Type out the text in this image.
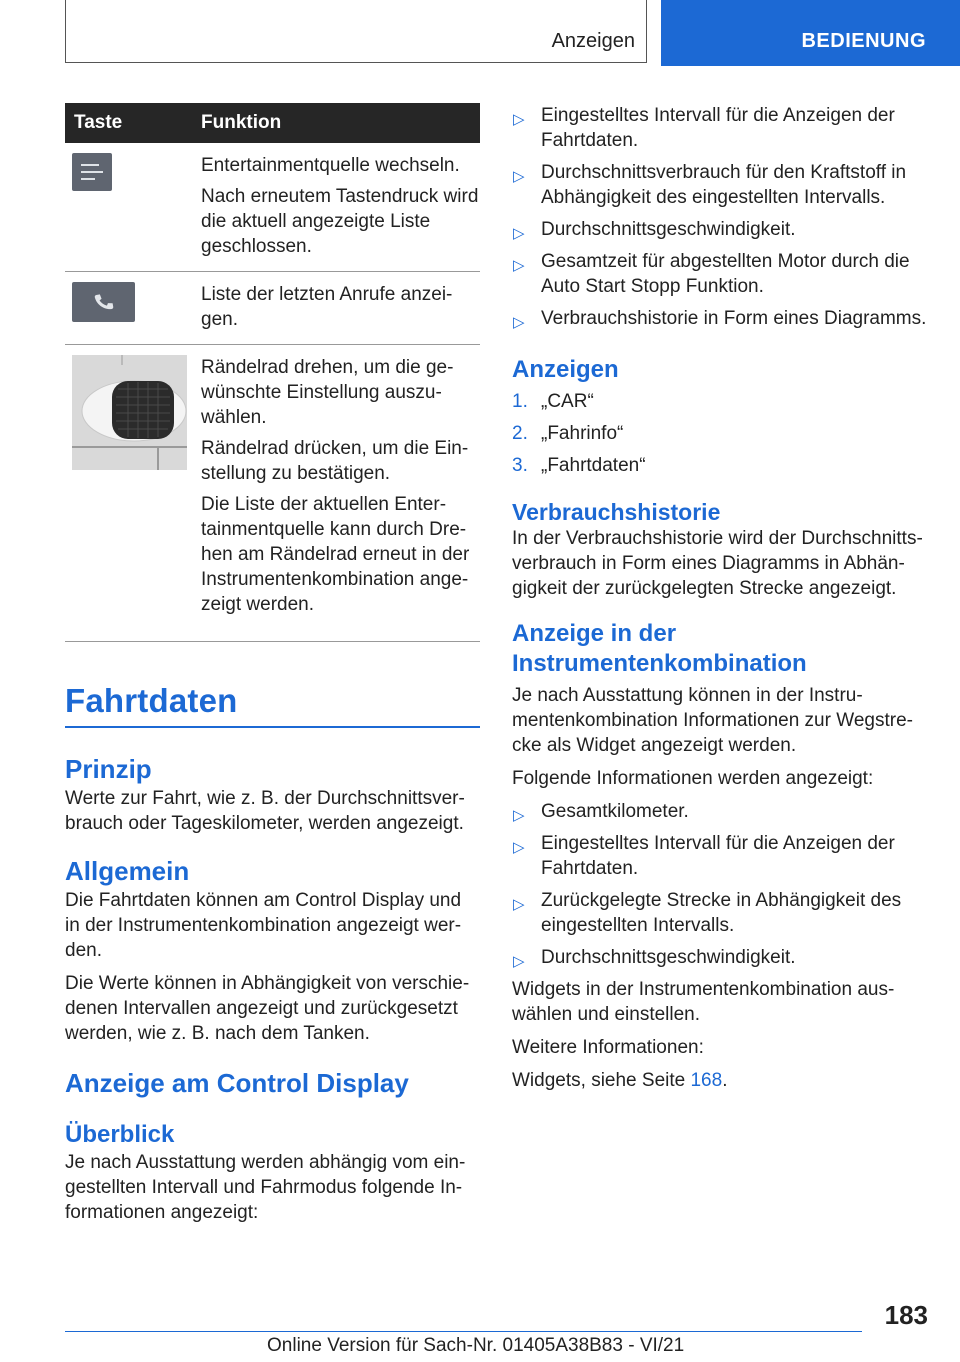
Anzeigen	BEDIENUNG
Taste	Funktion

Entertainmentquelle wechseln.

Nach erneutem Tastendruck wird die aktuell angezeigte Liste geschlossen.

Liste der letzten Anrufe anzei‐ gen.

Rändelrad drehen, um die ge‐ wünschte Einstellung auszu‐ wählen.

Rändelrad drücken, um die Ein‐ stellung zu bestätigen.

Die Liste der aktuellen Enter‐ tainmentquelle kann durch Dre‐ hen am Rändelrad erneut in der Instrumentenkombination ange‐ zeigt werden.

Fahrtdaten
Prinzip

Werte zur Fahrt, wie z. B. der Durchschnittsver‐ brauch oder Tageskilometer, werden angezeigt.

Allgemein

Die Fahrtdaten können am Control Display und in der Instrumentenkombination angezeigt wer‐ den.

Die Werte können in Abhängigkeit von verschie‐ denen Intervallen angezeigt und zurückgesetzt werden, wie z. B. nach dem Tanken.

Anzeige am Control Display
Überblick

Je nach Ausstattung werden abhängig vom ein‐ gestellten Intervall und Fahrmodus folgende In‐ formationen angezeigt:

▷ Eingestelltes Intervall für die Anzeigen der Fahrtdaten.
▷ Durchschnittsverbrauch für den Kraftstoff in Abhängigkeit des eingestellten Intervalls.
▷ Durchschnittsgeschwindigkeit.
▷ Gesamtzeit für abgestellten Motor durch die Auto Start Stopp Funktion.
▷ Verbrauchshistorie in Form eines Diagramms.
Anzeigen
1. „CAR“
2. „Fahrinfo“
3. „Fahrtdaten“
Verbrauchshistorie

In der Verbrauchshistorie wird der Durchschnitts‐ verbrauch in Form eines Diagramms in Abhän‐ gigkeit der zurückgelegten Strecke angezeigt.

Anzeige in der Instrumentenkombination

Je nach Ausstattung können in der Instru‐ mentenkombination Informationen zur Wegstre‐ cke als Widget angezeigt werden.

Folgende Informationen werden angezeigt:

▷ Gesamtkilometer.
▷ Eingestelltes Intervall für die Anzeigen der Fahrtdaten.
▷ Zurückgelegte Strecke in Abhängigkeit des eingestellten Intervalls.
▷ Durchschnittsgeschwindigkeit.

Widgets in der Instrumentenkombination aus‐ wählen und einstellen.

Weitere Informationen:

Widgets, siehe Seite 168.

183
Online Version für Sach-Nr. 01405A38B83 - VI/21
